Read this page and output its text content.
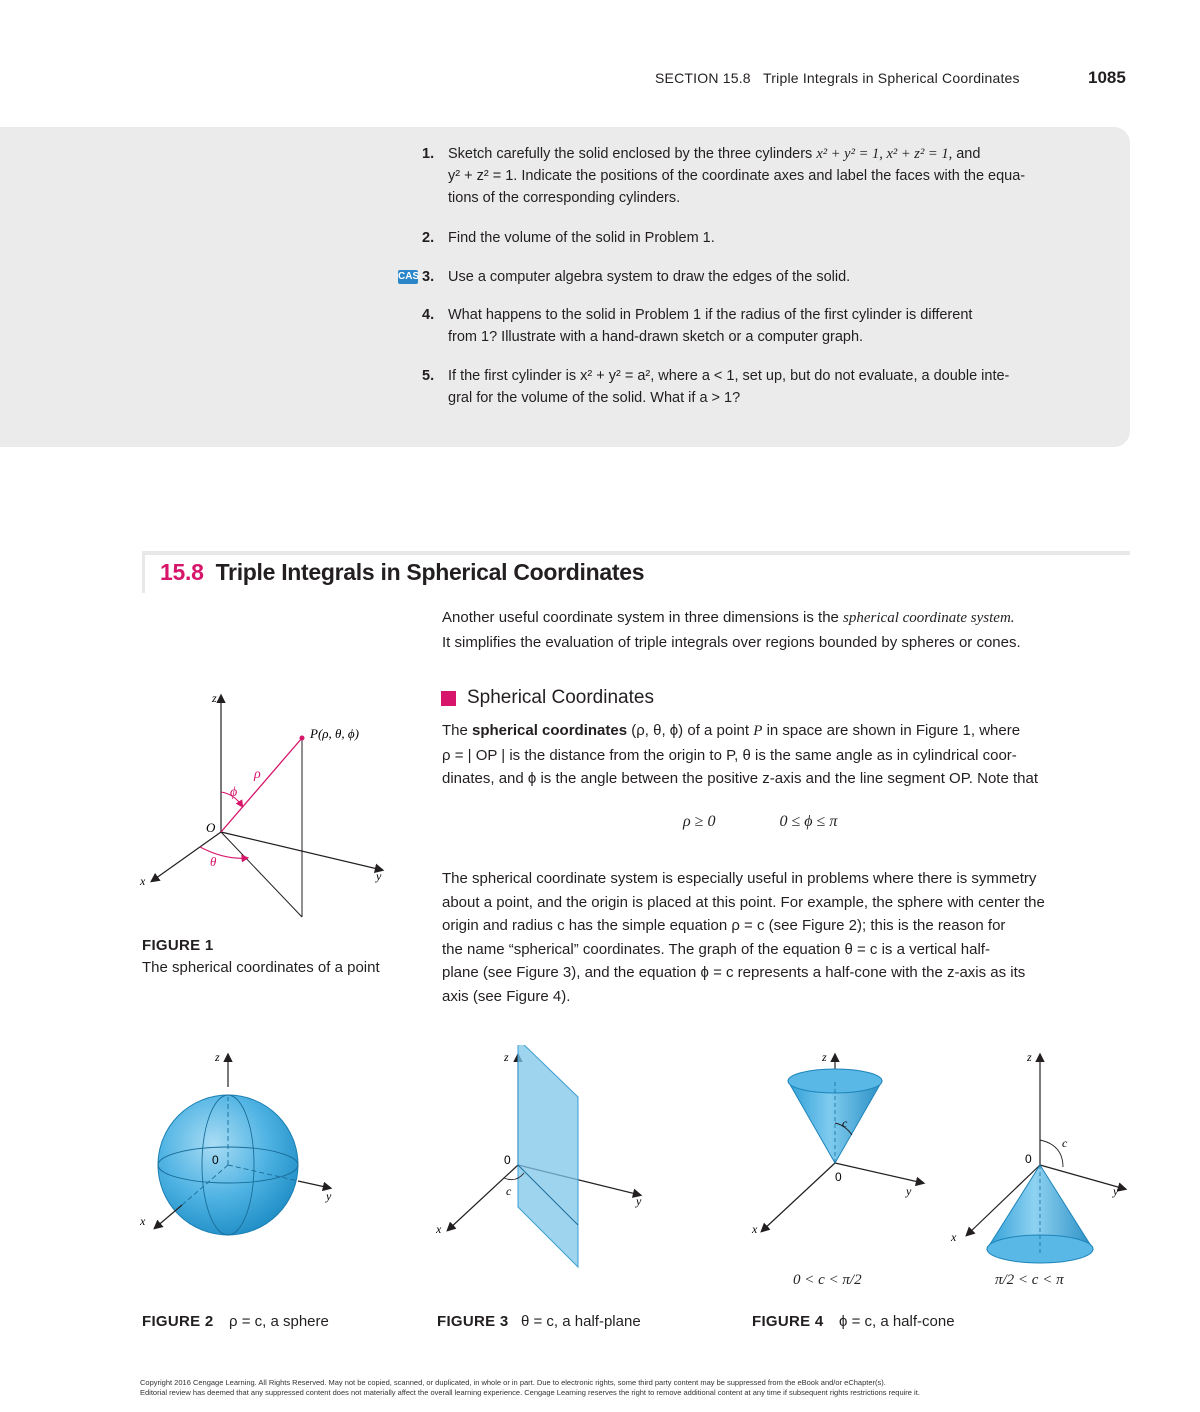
SECTION 15.8 Triple Integrals in Spherical Coordinates	1085
1. Sketch carefully the solid enclosed by the three cylinders x² + y² = 1, x² + z² = 1, and
y² + z² = 1. Indicate the positions of the coordinate axes and label the faces with the equa-
tions of the corresponding cylinders.
2. Find the volume of the solid in Problem 1.
CAS 3. Use a computer algebra system to draw the edges of the solid.
4. What happens to the solid in Problem 1 if the radius of the first cylinder is different
from 1? Illustrate with a hand-drawn sketch or a computer graph.
5. If the first cylinder is x² + y² = a², where a < 1, set up, but do not evaluate, a double inte-
gral for the volume of the solid. What if a > 1?
15.8 Triple Integrals in Spherical Coordinates
Another useful coordinate system in three dimensions is the spherical coordinate system.
It simplifies the evaluation of triple integrals over regions bounded by spheres or cones.
Spherical Coordinates
The spherical coordinates (ρ, θ, ϕ) of a point P in space are shown in Figure 1, where
ρ = | OP | is the distance from the origin to P, θ is the same angle as in cylindrical coor-
dinates, and ϕ is the angle between the positive z-axis and the line segment OP. Note that
ρ ≥ 0	0 ≤ ϕ ≤ π
The spherical coordinate system is especially useful in problems where there is symmetry
about a point, and the origin is placed at this point. For example, the sphere with center the
origin and radius c has the simple equation ρ = c (see Figure 2); this is the reason for
the name “spherical” coordinates. The graph of the equation θ = c is a vertical half-
plane (see Figure 3), and the equation ϕ = c represents a half-cone with the z-axis as its
axis (see Figure 4).
z
y
x
O
P(ρ, θ, ϕ)
ρ
ϕ
θ
FIGURE 1
The spherical coordinates of a point
z
y
x
0
FIGURE 2 ρ = c, a sphere
z
y
x
0
c
FIGURE 3 θ = c, a half-plane
z
y
x
0
c
0 < c < π/2
z
y
x
0
c
π/2 < c < π
FIGURE 4 ϕ = c, a half-cone
Copyright 2016 Cengage Learning. All Rights Reserved. May not be copied, scanned, or duplicated, in whole or in part. Due to electronic rights, some third party content may be suppressed from the eBook and/or eChapter(s).
Editorial review has deemed that any suppressed content does not materially affect the overall learning experience. Cengage Learning reserves the right to remove additional content at any time if subsequent rights restrictions require it.
